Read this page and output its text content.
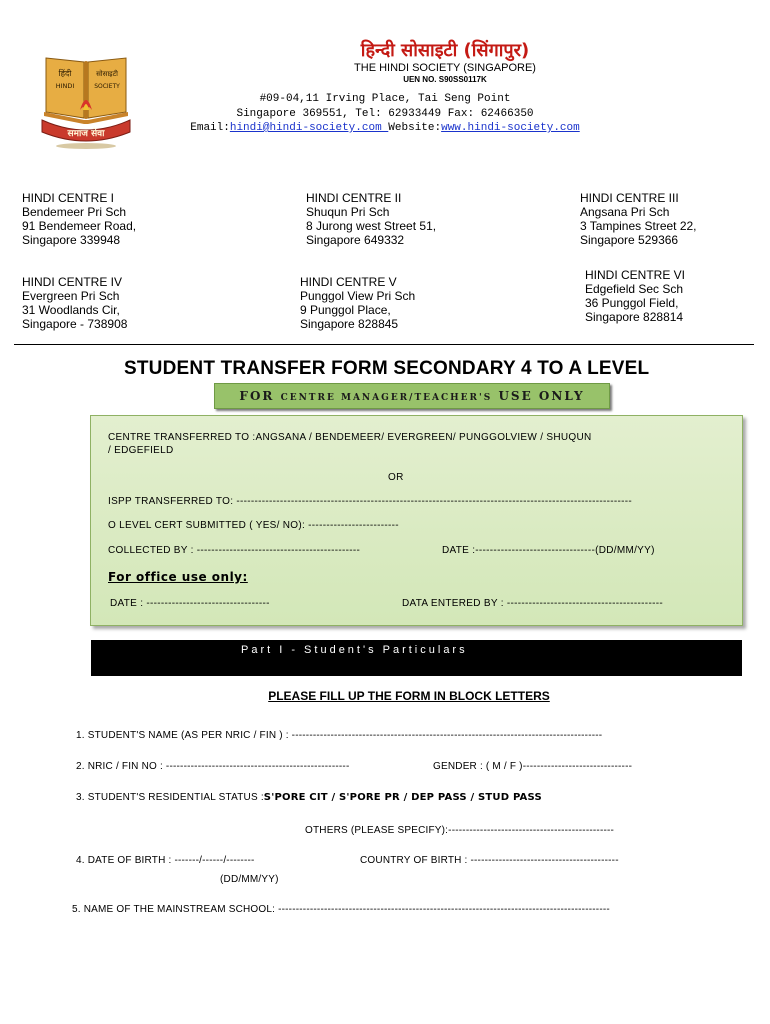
हिंदी
HINDI
सोसाइटी
SOCIETY
समाज सेवा
हिन्दी सोसाइटी (सिंगापुर)
THE HINDI SOCIETY (SINGAPORE)
UEN NO. S90SS0117K
#09-04,11 Irving Place, Tai Seng Point
Singapore 369551, Tel: 62933449 Fax: 62466350
Email:hindi@hindi-society.com Website:www.hindi-society.com
HINDI CENTRE I
Bendemeer Pri Sch
91 Bendemeer Road,
Singapore 339948
HINDI CENTRE II
Shuqun Pri Sch
8 Jurong west Street 51,
Singapore 649332
HINDI CENTRE III
Angsana Pri Sch
3 Tampines Street 22,
Singapore 529366
HINDI CENTRE IV
Evergreen Pri Sch
31 Woodlands Cir,
Singapore - 738908
HINDI CENTRE V
Punggol View Pri Sch
9 Punggol Place,
Singapore 828845
HINDI CENTRE VI
Edgefield Sec Sch
36 Punggol Field,
Singapore 828814
STUDENT TRANSFER FORM SECONDARY 4 TO A LEVEL
FOR CENTRE MANAGER/TEACHER'S USE ONLY
CENTRE TRANSFERRED TO :ANGSANA / BENDEMEER/ EVERGREEN/ PUNGGOLVIEW / SHUQUN
/ EDGEFIELD
OR
ISPP TRANSFERRED TO: -------------------------------------------------------------------------------------------------------------
O LEVEL CERT SUBMITTED ( YES/ NO): -------------------------
COLLECTED BY : ---------------------------------------------	DATE :---------------------------------(DD/MM/YY)
For office use only:
DATE : ----------------------------------	DATA ENTERED BY : -------------------------------------------
Part I - Student's Particulars
PLEASE FILL UP THE FORM IN BLOCK LETTERS
1. STUDENT'S NAME (AS PER NRIC / FIN ) : ----------------------------------------------------------------------------------------
2. NRIC / FIN NO : ----------------------------------------------------	GENDER : ( M / F )-------------------------------
3. STUDENT'S RESIDENTIAL STATUS :S'PORE CIT / S'PORE PR / DEP PASS / STUD PASS
OTHERS (PLEASE SPECIFY):-----------------------------------------------
4. DATE OF BIRTH : -------/------/--------	COUNTRY OF BIRTH : ------------------------------------------
(DD/MM/YY)
5. NAME OF THE MAINSTREAM SCHOOL: ----------------------------------------------------------------------------------------------
